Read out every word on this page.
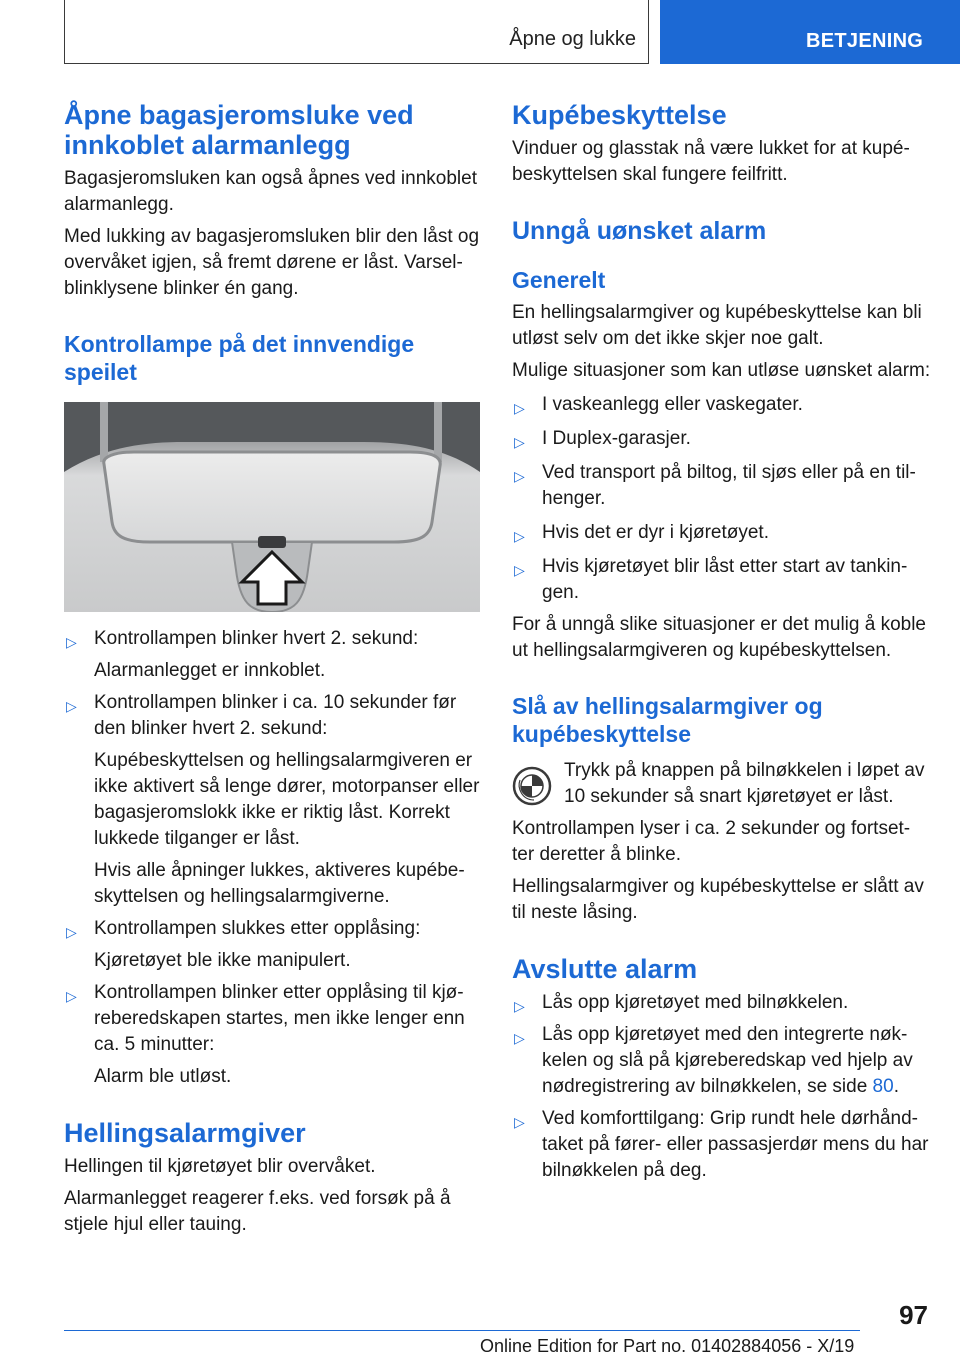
Åpne og lukke	BETJENING
Åpne bagasjeromsluke ved innkoblet alarmanlegg

Bagasjeromsluken kan også åpnes ved innkoblet alarmanlegg.

Med lukking av bagasjeromsluken blir den låst og overvåket igjen, så fremt dørene er låst. Varsel-blinklysene blinker én gang.

Kontrollampe på det innvendige speilet
▷ Kontrollampen blinker hvert 2. sekund:
Alarmanlegget er innkoblet.
▷ Kontrollampen blinker i ca. 10 sekunder før den blinker hvert 2. sekund:
Kupébeskyttelsen og hellingsalarmgiveren er ikke aktivert så lenge dører, motorpanser eller bagasjeromslokk ikke er riktig låst. Korrekt lukkede tilganger er låst.
Hvis alle åpninger lukkes, aktiveres kupébe-skyttelsen og hellingsalarmgiverne.
▷ Kontrollampen slukkes etter opplåsing:
Kjøretøyet ble ikke manipulert.
▷ Kontrollampen blinker etter opplåsing til kjø-reberedskapen startes, men ikke lenger enn ca. 5 minutter:
Alarm ble utløst.
Hellingsalarmgiver

Hellingen til kjøretøyet blir overvåket.

Alarmanlegget reagerer f.eks. ved forsøk på å stjele hjul eller tauing.

Kupébeskyttelse

Vinduer og glasstak nå være lukket for at kupé-beskyttelsen skal fungere feilfritt.

Unngå uønsket alarm
Generelt

En hellingsalarmgiver og kupébeskyttelse kan bli utløst selv om det ikke skjer noe galt.

Mulige situasjoner som kan utløse uønsket alarm:

▷ I vaskeanlegg eller vaskegater.
▷ I Duplex-garasjer.
▷ Ved transport på biltog, til sjøs eller på en til-henger.
▷ Hvis det er dyr i kjøretøyet.
▷ Hvis kjøretøyet blir låst etter start av tankin-gen.

For å unngå slike situasjoner er det mulig å koble ut hellingsalarmgiveren og kupébeskyttelsen.

Slå av hellingsalarmgiver og kupébeskyttelse

Trykk på knappen på bilnøkkelen i løpet av 10 sekunder så snart kjøretøyet er låst.

Kontrollampen lyser i ca. 2 sekunder og fortset-ter deretter å blinke.

Hellingsalarmgiver og kupébeskyttelse er slått av til neste låsing.

Avslutte alarm
▷ Lås opp kjøretøyet med bilnøkkelen.
▷ Lås opp kjøretøyet med den integrerte nøk-kelen og slå på kjøreberedskap ved hjelp av nødregistrering av bilnøkkelen, se side 80.
▷ Ved komforttilgang: Grip rundt hele dørhånd-taket på fører- eller passasjerdør mens du har bilnøkkelen på deg.
97
Online Edition for Part no. 01402884056 - X/19
